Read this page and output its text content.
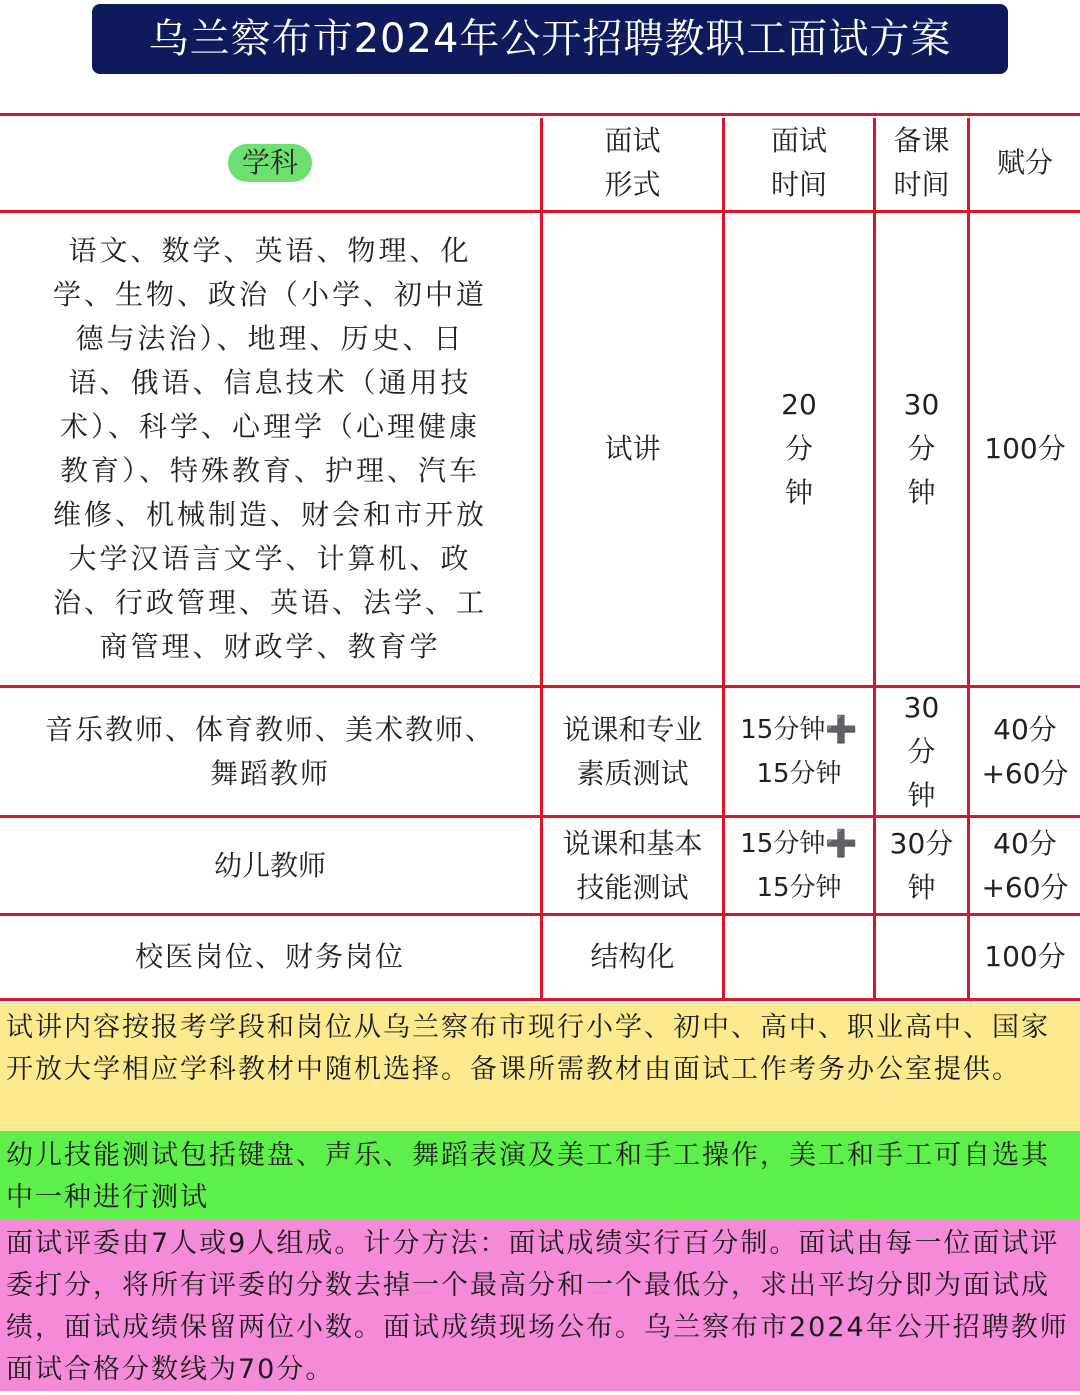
乌兰察布市2024年公开招聘教职工面试方案
学科
面试
形式
面试
时间
备课
时间
赋分
语文、数学、英语、物理、化
学、生物、政治（小学、初中道
德与法治）、地理、历史、日
语、俄语、信息技术（通用技
术）、科学、心理学（心理健康
教育）、特殊教育、护理、汽车
维修、机械制造、财会和市开放
大学汉语言文学、计算机、政
治、行政管理、英语、法学、工
商管理、财政学、教育学
试讲
20
分
钟
30
分
钟
100分
音乐教师、体育教师、美术教师、
舞蹈教师
说课和专业
素质测试
15分钟➕
15分钟
30
分
钟
40分
+60分
幼儿教师
说课和基本
技能测试
15分钟➕
15分钟
30分
钟
40分
+60分
校医岗位、财务岗位	结构化	100分
试讲内容按报考学段和岗位从乌兰察布市现行小学、初中、高中、职业高中、国家开放大学相应学科教材中随机选择。备课所需教材由面试工作考务办公室提供。
幼儿技能测试包括键盘、声乐、舞蹈表演及美工和手工操作，美工和手工可自选其中一种进行测试
面试评委由7人或9人组成。计分方法：面试成绩实行百分制。面试由每一位面试评委打分，将所有评委的分数去掉一个最高分和一个最低分，求出平均分即为面试成绩，面试成绩保留两位小数。面试成绩现场公布。乌兰察布市2024年公开招聘教师面试合格分数线为70分。
